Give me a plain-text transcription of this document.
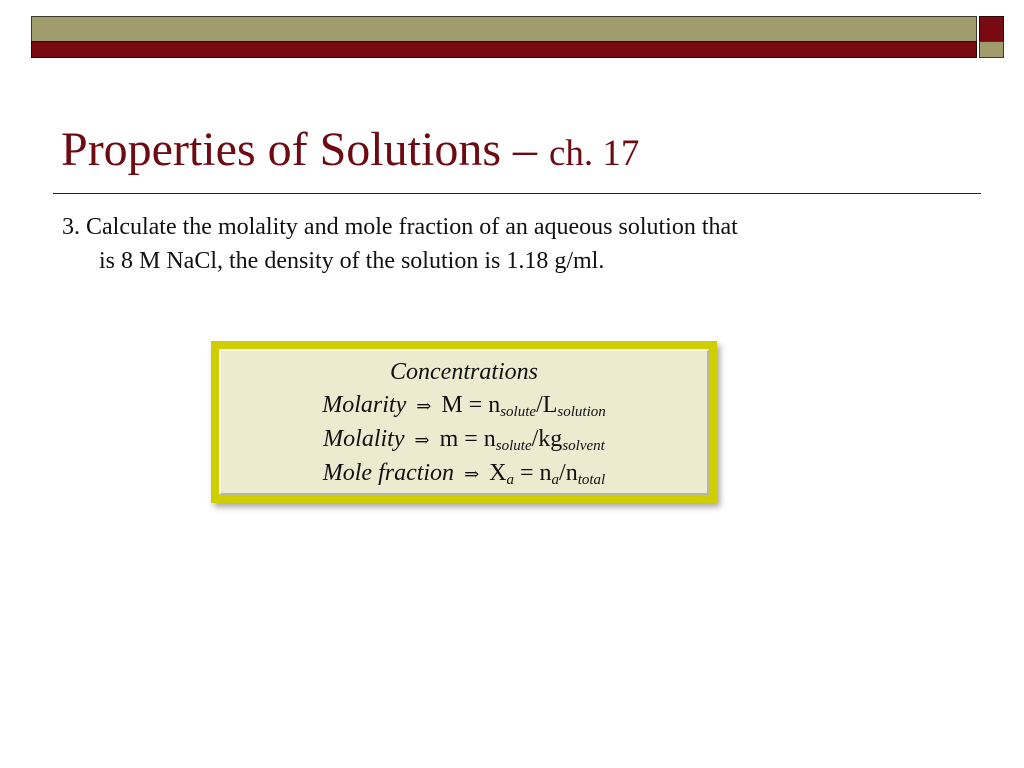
Properties of Solutions – ch. 17

3. Calculate the molality and mole fraction of an aqueous solution that
is 8 M NaCl, the density of the solution is 1.18 g/ml.

Concentrations
Molarity ⇒ $M = n_{solute}/L_{solution}$
Molality ⇒ $m = n_{solute}/kg_{solvent}$
Mole fraction ⇒ $X_a = n_a/n_{total}$
